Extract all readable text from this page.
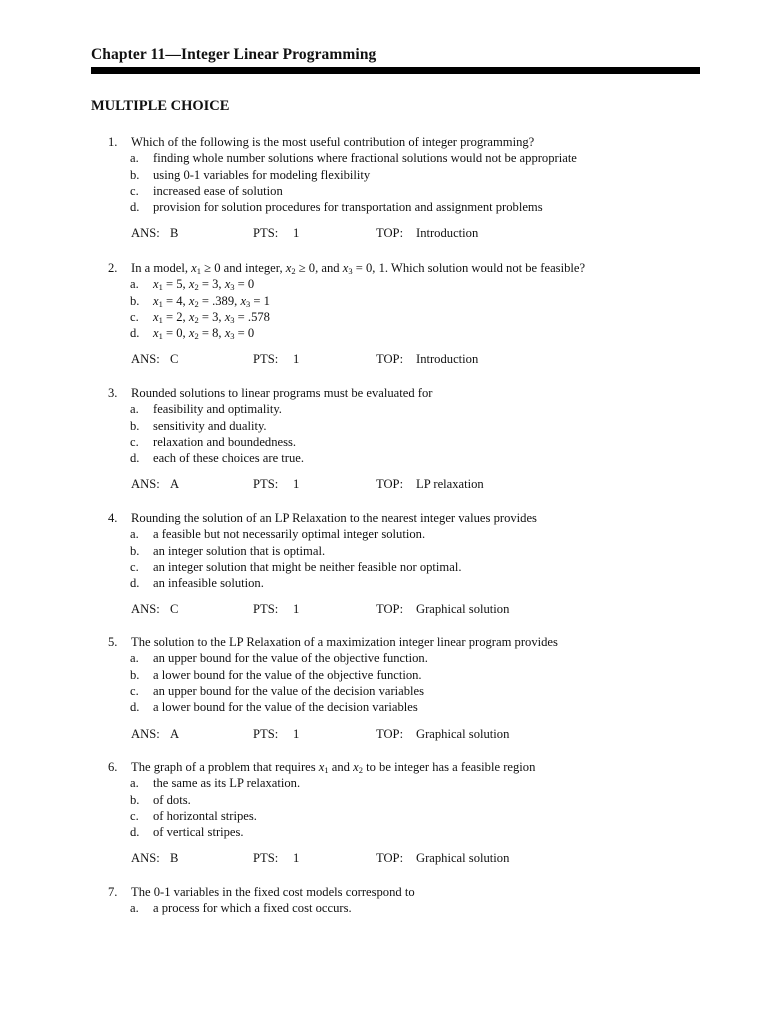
Chapter 11—Integer Linear Programming
MULTIPLE CHOICE
1. Which of the following is the most useful contribution of integer programming?
a. finding whole number solutions where fractional solutions would not be appropriate
b. using 0-1 variables for modeling flexibility
c. increased ease of solution
d. provision for solution procedures for transportation and assignment problems
ANS: B	PTS: 1	TOP: Introduction
2. In a model, $x_1 \ge 0$ and integer, $x_2 \ge 0$, and $x_3 = 0$, 1. Which solution would not be feasible?
a. $x_1 = 5$, $x_2 = 3$, $x_3 = 0$
b. $x_1 = 4$, $x_2 = .389$, $x_3 = 1$
c. $x_1 = 2$, $x_2 = 3$, $x_3 = .578$
d. $x_1 = 0$, $x_2 = 8$, $x_3 = 0$
ANS: C	PTS: 1	TOP: Introduction
3. Rounded solutions to linear programs must be evaluated for
a. feasibility and optimality.
b. sensitivity and duality.
c. relaxation and boundedness.
d. each of these choices are true.
ANS: A	PTS: 1	TOP: LP relaxation
4. Rounding the solution of an LP Relaxation to the nearest integer values provides
a. a feasible but not necessarily optimal integer solution.
b. an integer solution that is optimal.
c. an integer solution that might be neither feasible nor optimal.
d. an infeasible solution.
ANS: C	PTS: 1	TOP: Graphical solution
5. The solution to the LP Relaxation of a maximization integer linear program provides
a. an upper bound for the value of the objective function.
b. a lower bound for the value of the objective function.
c. an upper bound for the value of the decision variables
d. a lower bound for the value of the decision variables
ANS: A	PTS: 1	TOP: Graphical solution
6. The graph of a problem that requires $x_1$ and $x_2$ to be integer has a feasible region
a. the same as its LP relaxation.
b. of dots.
c. of horizontal stripes.
d. of vertical stripes.
ANS: B	PTS: 1	TOP: Graphical solution
7. The 0-1 variables in the fixed cost models correspond to
a. a process for which a fixed cost occurs.
